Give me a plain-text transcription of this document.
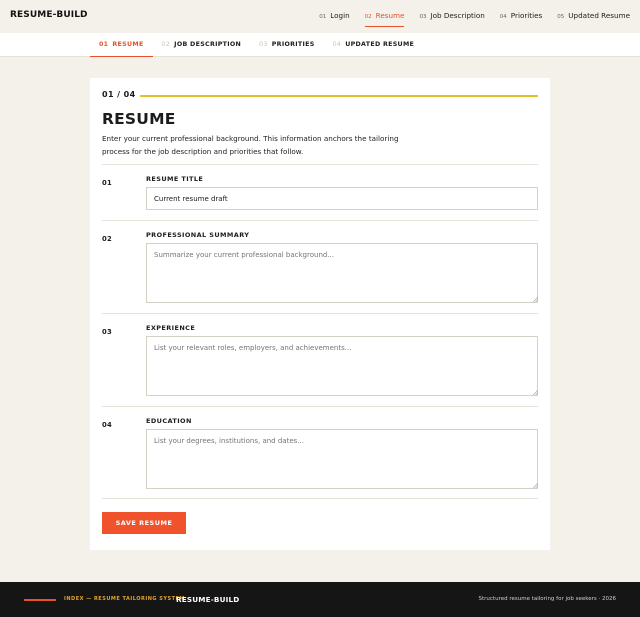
RESUME-BUILD	01 Login	02 Resume	03 Job Description	04 Priorities	05 Updated Resume
01 RESUME	02 JOB DESCRIPTION	03 PRIORITIES	04 UPDATED RESUME
01 / 04
RESUME
Enter your current professional background. This information anchors the tailoring process for the job description and priorities that follow.
01	RESUME TITLE
Current resume draft
02	PROFESSIONAL SUMMARY
Summarize your current professional background...
03	EXPERIENCE
List your relevant roles, employers, and achievements...
04	EDUCATION
List your degrees, institutions, and dates...
SAVE RESUME
INDEX — RESUME TAILORING SYSTEM
RESUME-BUILD	Structured resume tailoring for job seekers · 2026
